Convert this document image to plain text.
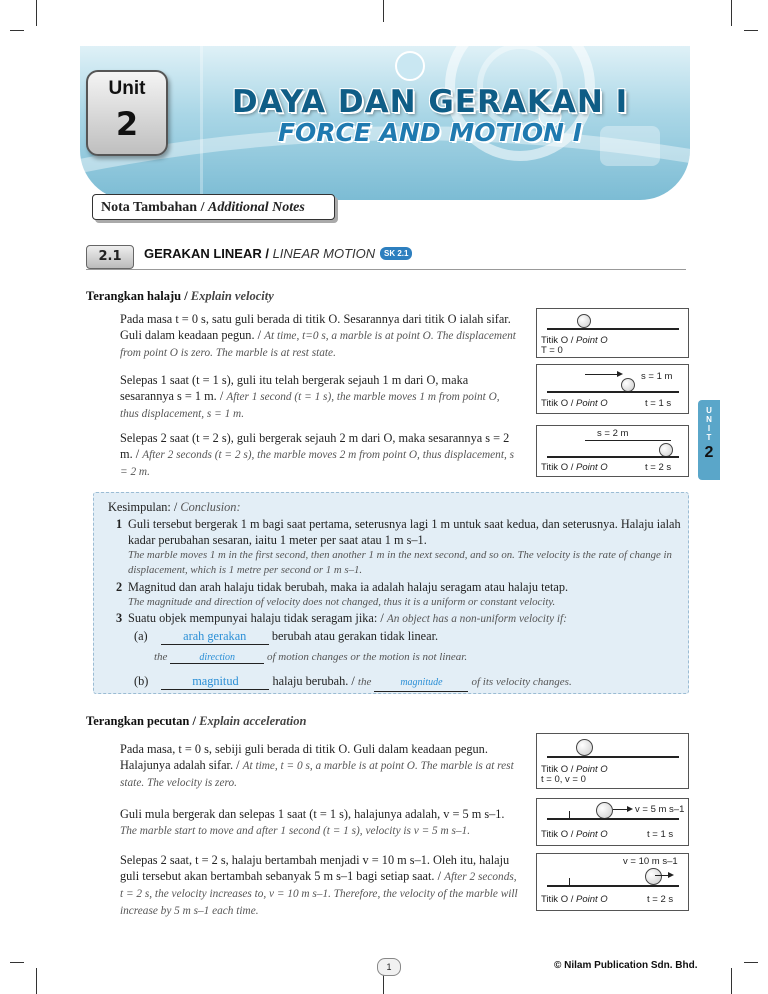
Unit
2
DAYA DAN GERAKAN I
FORCE AND MOTION I
Nota Tambahan / Additional Notes
2.1	GERAKAN LINEAR / LINEAR MOTION	SK 2.1
Terangkan halaju / Explain velocity
Pada masa t = 0 s, satu guli berada di titik O. Sesarannya dari titik O ialah sifar. Guli dalam keadaan pegun. / At time, t=0 s, a marble is at point O. The displacement from point O is zero. The marble is at rest state.
Selepas 1 saat (t = 1 s), guli itu telah bergerak sejauh 1 m dari O, maka sesarannya s = 1 m. / After 1 second (t = 1 s), the marble moves 1 m from point O, thus displacement, s = 1 m.
Selepas 2 saat (t = 2 s), guli bergerak sejauh 2 m dari O, maka sesarannya s = 2 m. / After 2 seconds (t = 2 s), the marble moves 2 m from point O, thus displacement, s = 2 m.
Titik O / Point O
T = 0
s = 1 m
Titik O / Point O	t = 1 s
s = 2 m
Titik O / Point O	t = 2 s
U N I T
2
Kesimpulan: / Conclusion:
1 Guli tersebut bergerak 1 m bagi saat pertama, seterusnya lagi 1 m untuk saat kedua, dan seterusnya. Halaju ialah kadar perubahan sesaran, iaitu 1 meter per saat atau 1 m s–1.
The marble moves 1 m in the first second, then another 1 m in the next second, and so on. The velocity is the rate of change in displacement, which is 1 metre per second or 1 m s–1.
2 Magnitud dan arah halaju tidak berubah, maka ia adalah halaju seragam atau halaju tetap.
The magnitude and direction of velocity does not changed, thus it is a uniform or constant velocity.
3 Suatu objek mempunyai halaju tidak seragam jika: / An object has a non-uniform velocity if:
(a)	arah gerakan berubah atau gerakan tidak linear.
the	direction	of motion changes or the motion is not linear.
(b)	magnitud	halaju berubah. / the	magnitude	of its velocity changes.
Terangkan pecutan / Explain acceleration
Pada masa, t = 0 s, sebiji guli berada di titik O. Guli dalam keadaan pegun. Halajunya adalah sifar. / At time, t = 0 s, a marble is at point O. The marble is at rest state. The velocity is zero.
Guli mula bergerak dan selepas 1 saat (t = 1 s), halajunya adalah, v = 5 m s–1.
The marble start to move and after 1 second (t = 1 s), velocity is v = 5 m s–1.
Selepas 2 saat, t = 2 s, halaju bertambah menjadi v = 10 m s–1. Oleh itu, halaju guli tersebut akan bertambah sebanyak 5 m s–1 bagi setiap saat. / After 2 seconds, t = 2 s, the velocity increases to, v = 10 m s–1. Therefore, the velocity of the marble will increase by 5 m s–1 each time.
Titik O / Point O
t = 0, v = 0
v = 5 m s–1
Titik O / Point O	t = 1 s
v = 10 m s–1
Titik O / Point O	t = 2 s
1	© Nilam Publication Sdn. Bhd.
